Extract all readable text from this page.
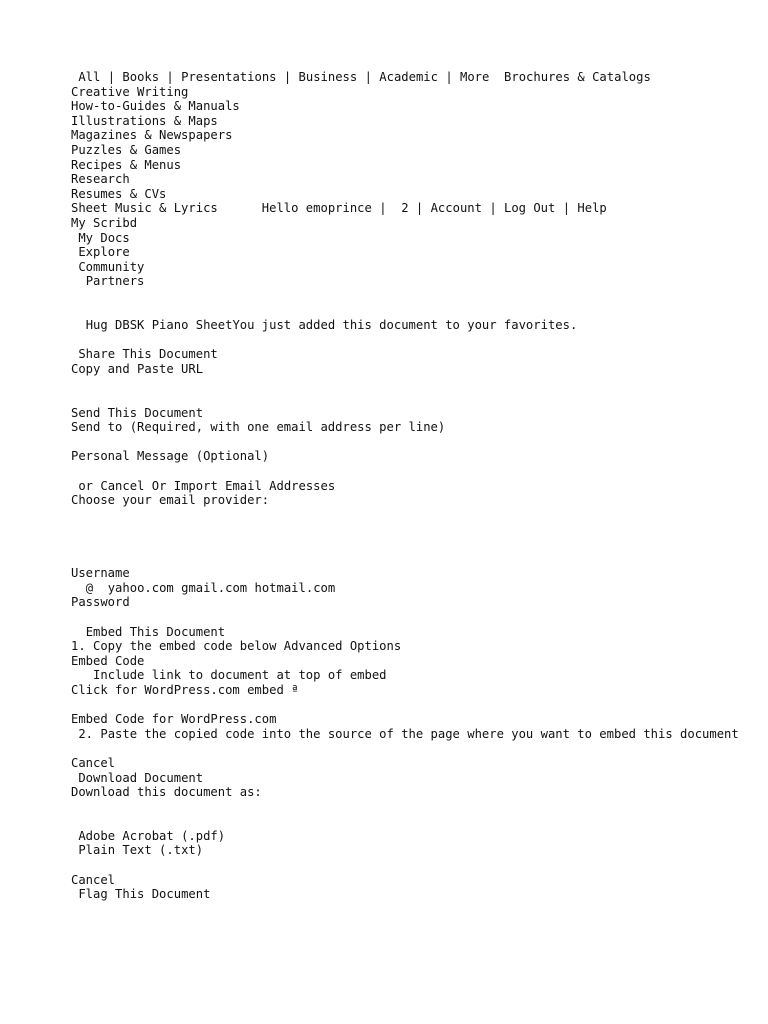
All | Books | Presentations | Business | Academic | More Brochures & Catalogs
Creative Writing
How-to-Guides & Manuals
Illustrations & Maps
Magazines & Newspapers
Puzzles & Games
Recipes & Menus
Research
Resumes & CVs
Sheet Music & Lyrics	Hello emoprince | 2 | Account | Log Out | Help
My Scribd
My Docs
Explore
Community
Partners
Hug DBSK Piano SheetYou just added this document to your favorites.
Share This Document
Copy and Paste URL
Send This Document
Send to (Required, with one email address per line)
Personal Message (Optional)
or Cancel Or Import Email Addresses
Choose your email provider:
Username
@ yahoo.com gmail.com hotmail.com
Password
Embed This Document
1. Copy the embed code below Advanced Options
Embed Code
Include link to document at top of embed
Click for WordPress.com embed ª
Embed Code for WordPress.com
2. Paste the copied code into the source of the page where you want to embed this document
Cancel
Download Document
Download this document as:
Adobe Acrobat (.pdf)
Plain Text (.txt)
Cancel
Flag This Document
